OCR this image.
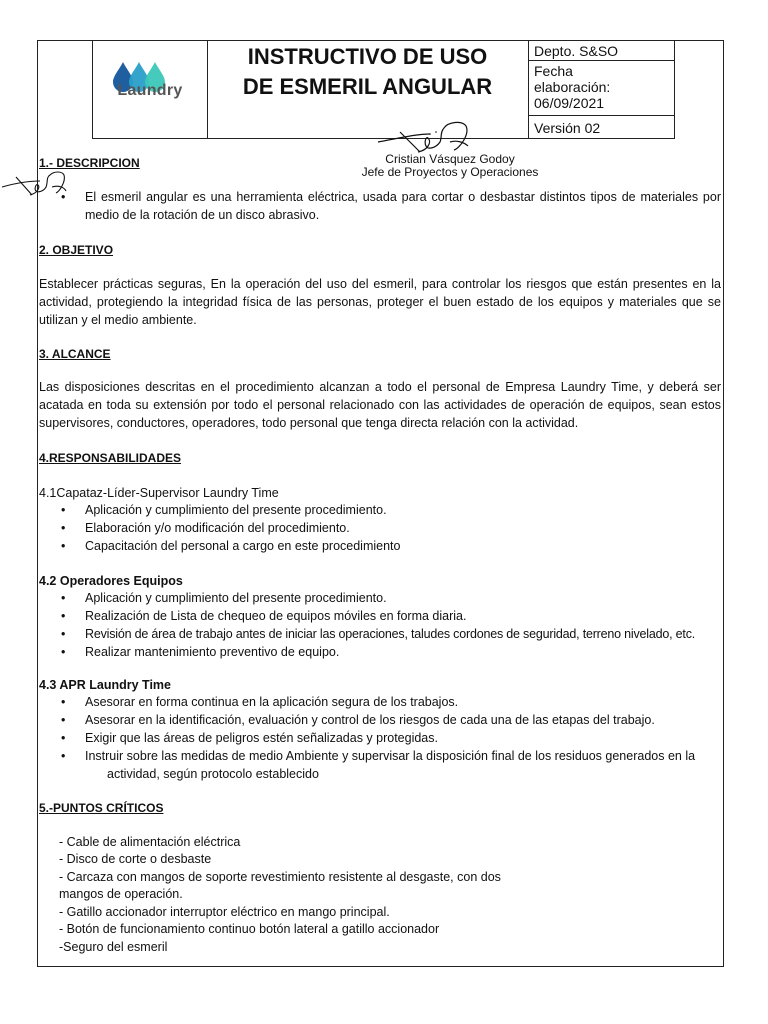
Laundry
INSTRUCTIVO DE USO
DE ESMERIL ANGULAR
Depto. S&SO
Fecha
elaboración:
06/09/2021
Versión 02
Cristian Vásquez Godoy
Jefe de Proyectos y Operaciones
1.- DESCRIPCION
• El esmeril angular es una herramienta eléctrica, usada para cortar o desbastar distintos tipos de materiales por medio de la rotación de un disco abrasivo.
2. OBJETIVO
Establecer prácticas seguras, En la operación del uso del esmeril, para controlar los riesgos que están presentes en la actividad, protegiendo la integridad física de las personas, proteger el buen estado de los equipos y materiales que se utilizan y el medio ambiente.
3. ALCANCE
Las disposiciones descritas en el procedimiento alcanzan a todo el personal de Empresa Laundry Time, y deberá ser acatada en toda su extensión por todo el personal relacionado con las actividades de operación de equipos, sean estos supervisores, conductores, operadores, todo personal que tenga directa relación con la actividad.
4.RESPONSABILIDADES
4.1Capataz-Líder-Supervisor Laundry Time
• Aplicación y cumplimiento del presente procedimiento.
• Elaboración y/o modificación del procedimiento.
• Capacitación del personal a cargo en este procedimiento
4.2 Operadores Equipos
• Aplicación y cumplimiento del presente procedimiento.
• Realización de Lista de chequeo de equipos móviles en forma diaria.
• Revisión de área de trabajo antes de iniciar las operaciones, taludes cordones de seguridad, terreno nivelado, etc.
• Realizar mantenimiento preventivo de equipo.
4.3 APR Laundry Time
• Asesorar en forma continua en la aplicación segura de los trabajos.
• Asesorar en la identificación, evaluación y control de los riesgos de cada una de las etapas del trabajo.
• Exigir que las áreas de peligros estén señalizadas y protegidas.
• Instruir sobre las medidas de medio Ambiente y supervisar la disposición final de los residuos generados en la
actividad, según protocolo establecido
5.-PUNTOS CRÍTICOS
- Cable de alimentación eléctrica
- Disco de corte o desbaste
- Carcaza con mangos de soporte revestimiento resistente al desgaste, con dos
mangos de operación.
- Gatillo accionador interruptor eléctrico en mango principal.
- Botón de funcionamiento continuo botón lateral a gatillo accionador
-Seguro del esmeril
